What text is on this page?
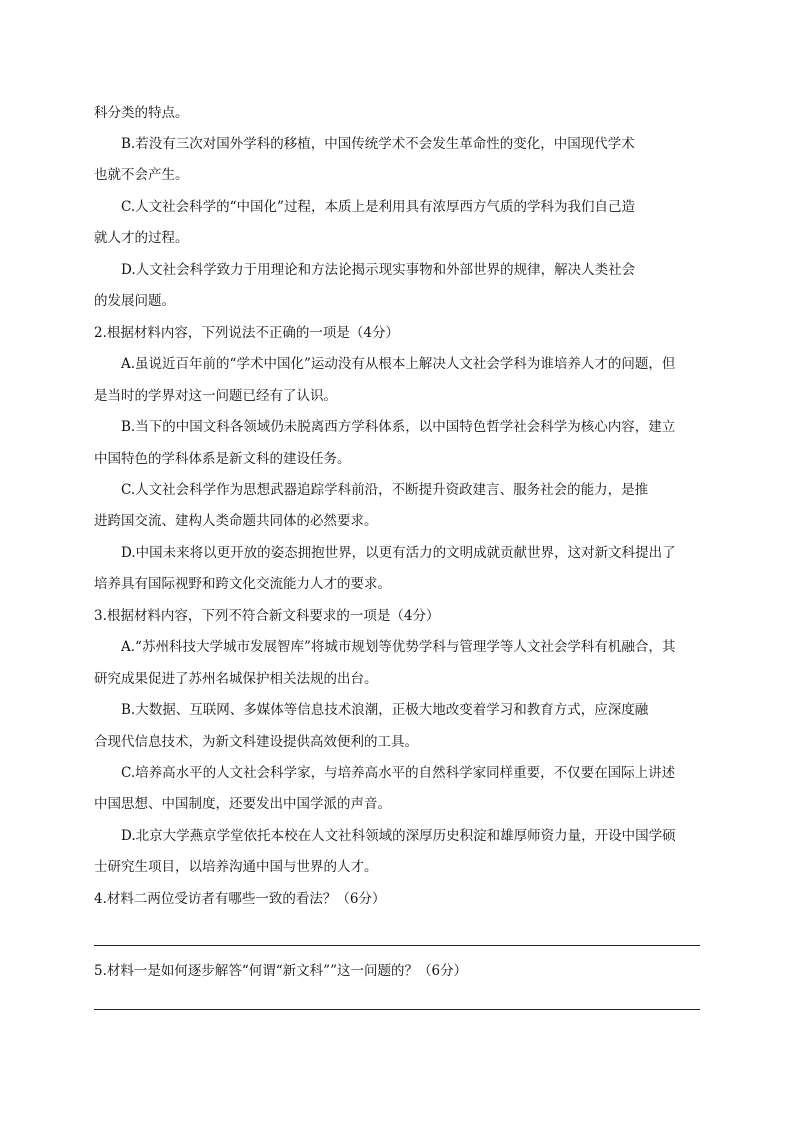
科分类的特点。
B.若没有三次对国外学科的移植，中国传统学术不会发生革命性的变化，中国现代学术
也就不会产生。
C.人文社会科学的“中国化”过程，本质上是利用具有浓厚西方气质的学科为我们自己造
就人才的过程。
D.人文社会科学致力于用理论和方法论揭示现实事物和外部世界的规律，解决人类社会
的发展问题。
2.根据材料内容，下列说法不正确的一项是（4分）
A.虽说近百年前的“学术中国化”运动没有从根本上解决人文社会学科为谁培养人才的问题，但
是当时的学界对这一问题已经有了认识。
B.当下的中国文科各领域仍未脱离西方学科体系，以中国特色哲学社会科学为核心内容，建立
中国特色的学科体系是新文科的建设任务。
C.人文社会科学作为思想武器追踪学科前沿，不断提升资政建言、服务社会的能力，是推
进跨国交流、建构人类命题共同体的必然要求。
D.中国未来将以更开放的姿态拥抱世界，以更有活力的文明成就贡献世界，这对新文科提出了
培养具有国际视野和跨文化交流能力人才的要求。
3.根据材料内容，下列不符合新文科要求的一项是（4分）
A.“苏州科技大学城市发展智库”将城市规划等优势学科与管理学等人文社会学科有机融合，其
研究成果促进了苏州名城保护相关法规的出台。
B.大数据、互联网、多媒体等信息技术浪潮，正极大地改变着学习和教育方式，应深度融
合现代信息技术，为新文科建设提供高效便利的工具。
C.培养高水平的人文社会科学家，与培养高水平的自然科学家同样重要，不仅要在国际上讲述
中国思想、中国制度，还要发出中国学派的声音。
D.北京大学燕京学堂依托本校在人文社科领域的深厚历史积淀和雄厚师资力量，开设中国学硕
士研究生项目，以培养沟通中国与世界的人才。
4.材料二两位受访者有哪些一致的看法？（6分）
5.材料一是如何逐步解答“何谓“新文科””这一问题的？（6分）
